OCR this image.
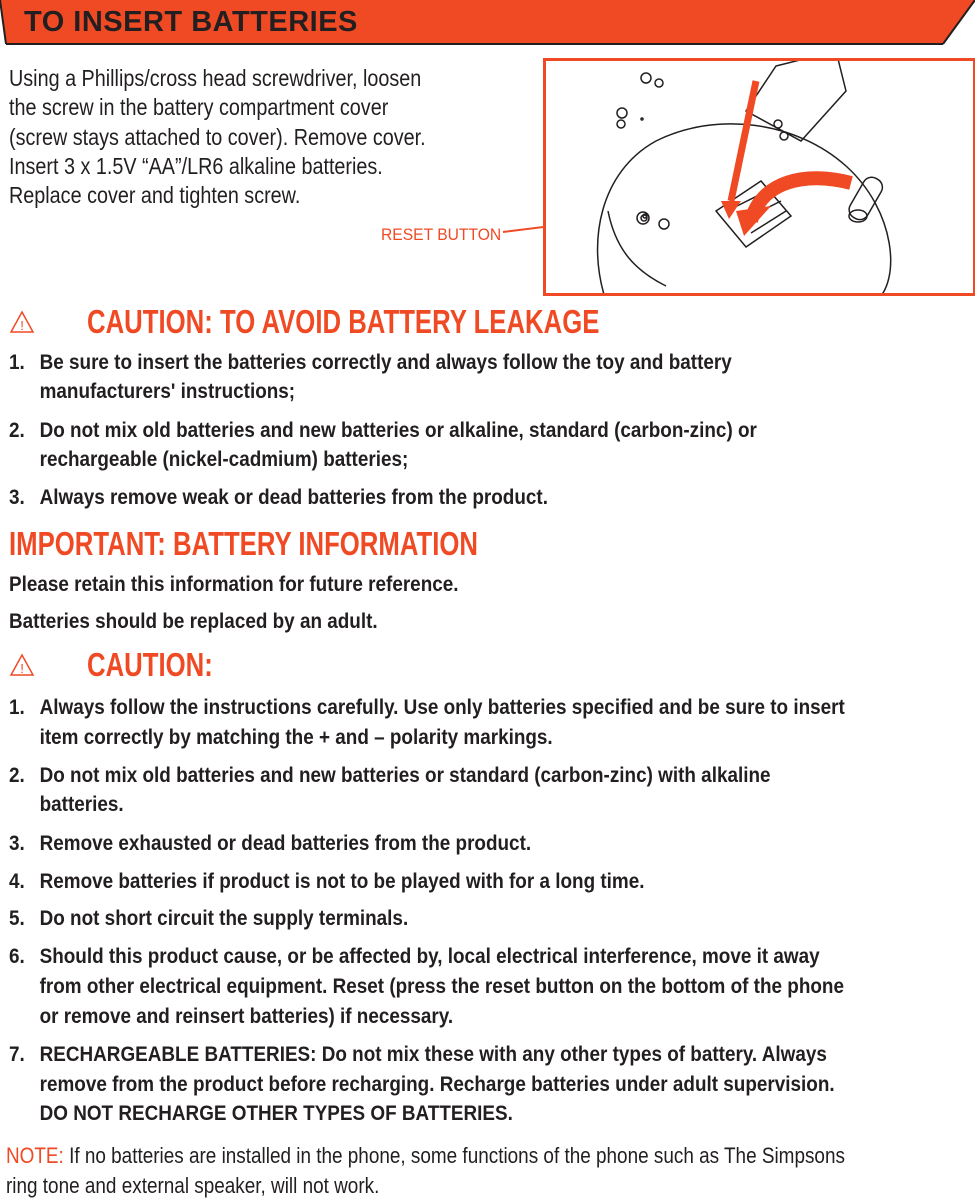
TO INSERT BATTERIES
Using a Phillips/cross head screwdriver, loosen
the screw in the battery compartment cover
(screw stays attached to cover). Remove cover.
Insert 3 x 1.5V “AA”/LR6 alkaline batteries.
Replace cover and tighten screw.
RESET BUTTON
! CAUTION: TO AVOID BATTERY LEAKAGE
1. Be sure to insert the batteries correctly and always follow the toy and battery
manufacturers' instructions;
2. Do not mix old batteries and new batteries or alkaline, standard (carbon-zinc) or
rechargeable (nickel-cadmium) batteries;
3. Always remove weak or dead batteries from the product.
IMPORTANT: BATTERY INFORMATION
Please retain this information for future reference.
Batteries should be replaced by an adult.
! CAUTION:
1. Always follow the instructions carefully. Use only batteries specified and be sure to insert
item correctly by matching the + and – polarity markings.
2. Do not mix old batteries and new batteries or standard (carbon-zinc) with alkaline
batteries.
3. Remove exhausted or dead batteries from the product.
4. Remove batteries if product is not to be played with for a long time.
5. Do not short circuit the supply terminals.
6. Should this product cause, or be affected by, local electrical interference, move it away
from other electrical equipment. Reset (press the reset button on the bottom of the phone
or remove and reinsert batteries) if necessary.
7. RECHARGEABLE BATTERIES: Do not mix these with any other types of battery. Always
remove from the product before recharging. Recharge batteries under adult supervision.
DO NOT RECHARGE OTHER TYPES OF BATTERIES.
NOTE: If no batteries are installed in the phone, some functions of the phone such as The Simpsons
ring tone and external speaker, will not work.
